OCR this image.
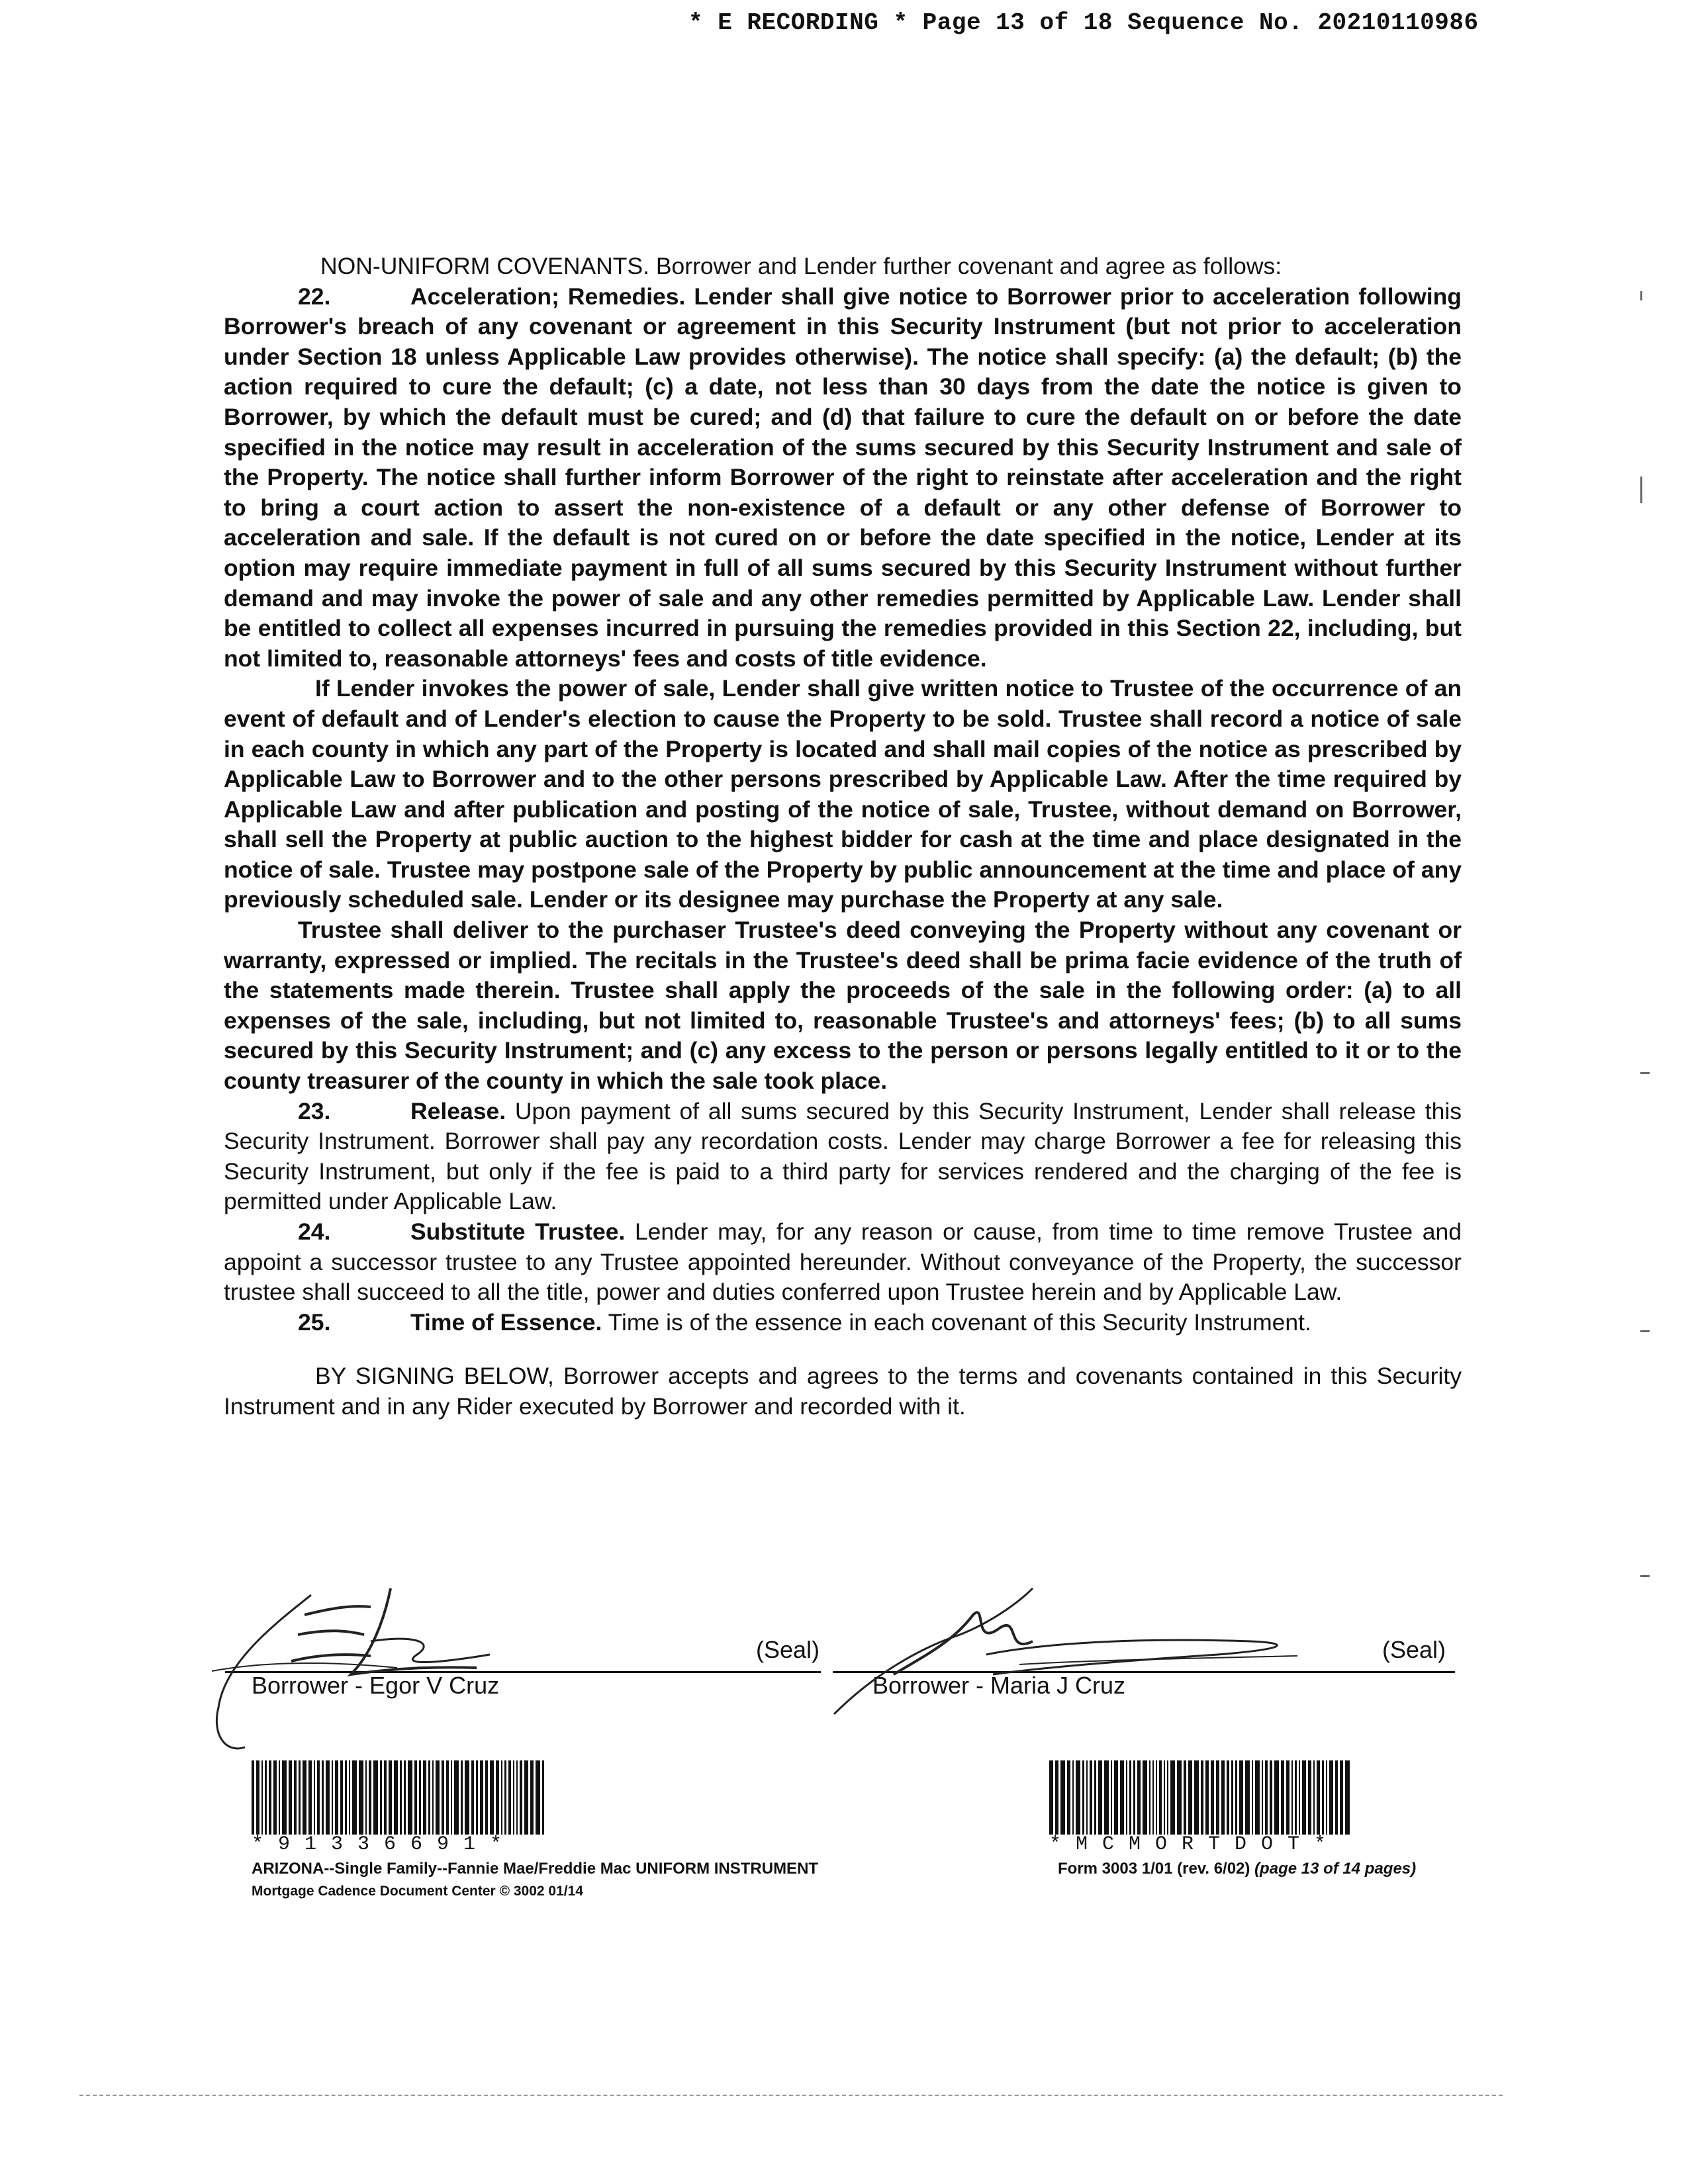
* E RECORDING * Page 13 of 18 Sequence No. 20210110986

NON-UNIFORM COVENANTS. Borrower and Lender further covenant and agree as follows:

22.	Acceleration; Remedies. Lender shall give notice to Borrower prior to acceleration following Borrower's breach of any covenant or agreement in this Security Instrument (but not prior to acceleration under Section 18 unless Applicable Law provides otherwise). The notice shall specify: (a) the default; (b) the action required to cure the default; (c) a date, not less than 30 days from the date the notice is given to Borrower, by which the default must be cured; and (d) that failure to cure the default on or before the date specified in the notice may result in acceleration of the sums secured by this Security Instrument and sale of the Property. The notice shall further inform Borrower of the right to reinstate after acceleration and the right to bring a court action to assert the non-existence of a default or any other defense of Borrower to acceleration and sale. If the default is not cured on or before the date specified in the notice, Lender at its option may require immediate payment in full of all sums secured by this Security Instrument without further demand and may invoke the power of sale and any other remedies permitted by Applicable Law. Lender shall be entitled to collect all expenses incurred in pursuing the remedies provided in this Section 22, including, but not limited to, reasonable attorneys' fees and costs of title evidence.

If Lender invokes the power of sale, Lender shall give written notice to Trustee of the occurrence of an event of default and of Lender's election to cause the Property to be sold. Trustee shall record a notice of sale in each county in which any part of the Property is located and shall mail copies of the notice as prescribed by Applicable Law to Borrower and to the other persons prescribed by Applicable Law. After the time required by Applicable Law and after publication and posting of the notice of sale, Trustee, without demand on Borrower, shall sell the Property at public auction to the highest bidder for cash at the time and place designated in the notice of sale. Trustee may postpone sale of the Property by public announcement at the time and place of any previously scheduled sale. Lender or its designee may purchase the Property at any sale.

Trustee shall deliver to the purchaser Trustee's deed conveying the Property without any covenant or warranty, expressed or implied. The recitals in the Trustee's deed shall be prima facie evidence of the truth of the statements made therein. Trustee shall apply the proceeds of the sale in the following order: (a) to all expenses of the sale, including, but not limited to, reasonable Trustee's and attorneys' fees; (b) to all sums secured by this Security Instrument; and (c) any excess to the person or persons legally entitled to it or to the county treasurer of the county in which the sale took place.

23.	Release. Upon payment of all sums secured by this Security Instrument, Lender shall release this Security Instrument. Borrower shall pay any recordation costs. Lender may charge Borrower a fee for releasing this Security Instrument, but only if the fee is paid to a third party for services rendered and the charging of the fee is permitted under Applicable Law.

24.	Substitute Trustee. Lender may, for any reason or cause, from time to time remove Trustee and appoint a successor trustee to any Trustee appointed hereunder. Without conveyance of the Property, the successor trustee shall succeed to all the title, power and duties conferred upon Trustee herein and by Applicable Law.

25.	Time of Essence. Time is of the essence in each covenant of this Security Instrument.

BY SIGNING BELOW, Borrower accepts and agrees to the terms and covenants contained in this Security Instrument and in any Rider executed by Borrower and recorded with it.

(Seal)	(Seal)
Borrower - Egor V Cruz	Borrower - Maria J Cruz
*91336691*	*MCMORTDOT*
ARIZONA--Single Family--Fannie Mae/Freddie Mac UNIFORM INSTRUMENT
Mortgage Cadence Document Center © 3002 01/14
Form 3003 1/01 (rev. 6/02) (page 13 of 14 pages)
